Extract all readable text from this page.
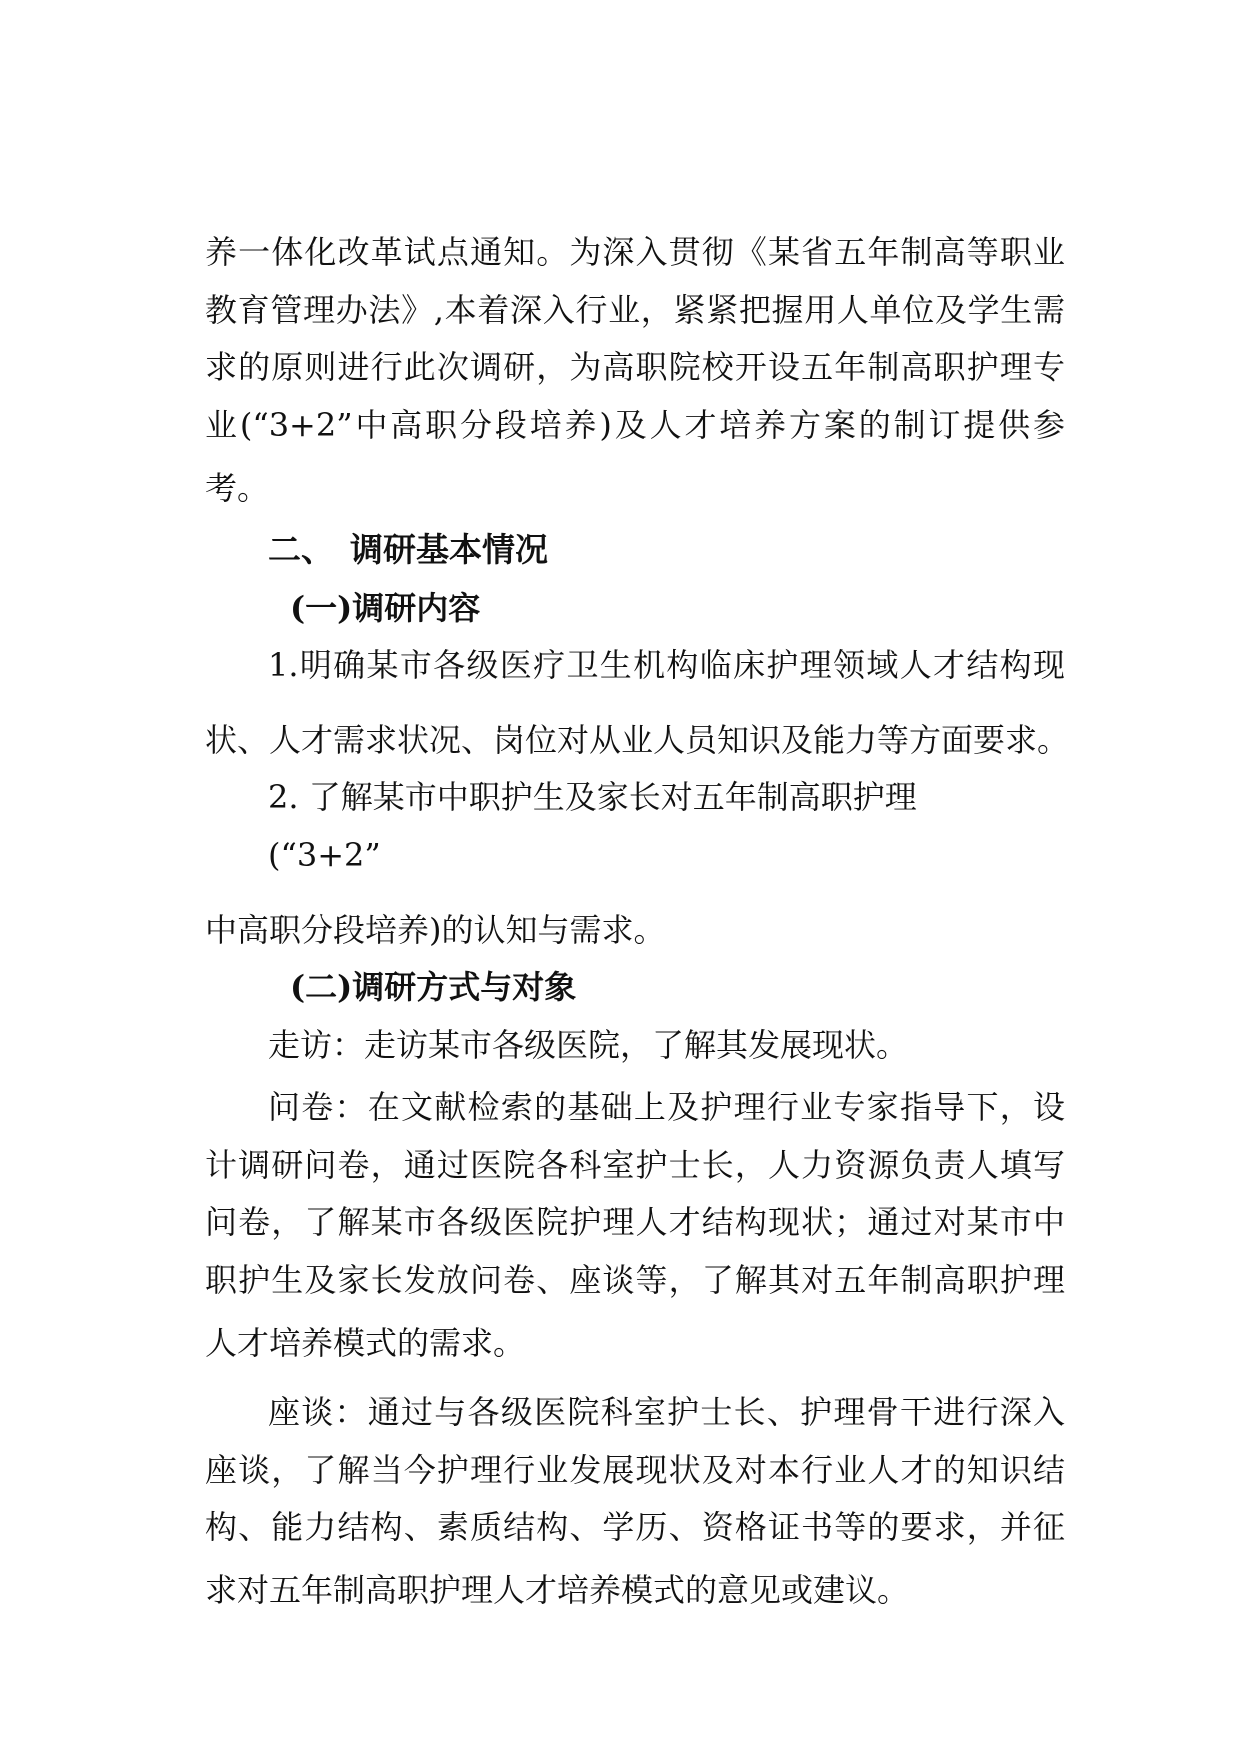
养一体化改革试点通知。为深入贯彻《某省五年制高等职业
教育管理办法》,本着深入行业，紧紧把握用人单位及学生需
求的原则进行此次调研，为高职院校开设五年制高职护理专
业(“3+2”中高职分段培养)及人才培养方案的制订提供参
考。
二、 调研基本情况
(一)调研内容
1.明确某市各级医疗卫生机构临床护理领域人才结构现
状、人才需求状况、岗位对从业人员知识及能力等方面要求。
2. 了解某市中职护生及家长对五年制高职护理
(“3+2”
中高职分段培养)的认知与需求。
(二)调研方式与对象
走访：走访某市各级医院，了解其发展现状。
问卷：在文献检索的基础上及护理行业专家指导下，设
计调研问卷，通过医院各科室护士长，人力资源负责人填写
问卷，了解某市各级医院护理人才结构现状；通过对某市中
职护生及家长发放问卷、座谈等，了解其对五年制高职护理
人才培养模式的需求。
座谈：通过与各级医院科室护士长、护理骨干进行深入
座谈，了解当今护理行业发展现状及对本行业人才的知识结
构、能力结构、素质结构、学历、资格证书等的要求，并征
求对五年制高职护理人才培养模式的意见或建议。
